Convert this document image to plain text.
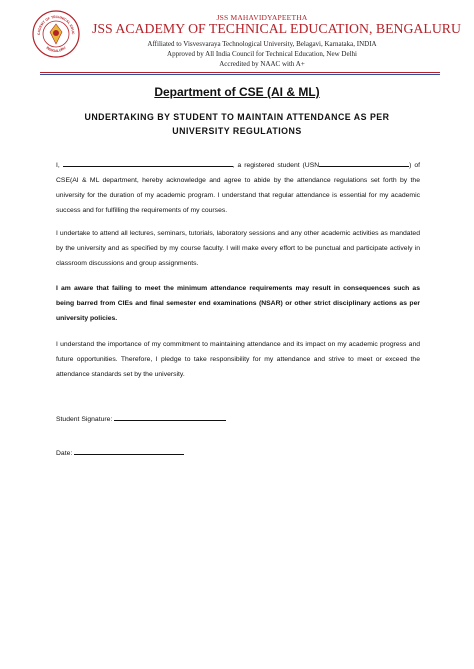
CADEMY OF TECHNICAL EDUC
BENGALURU
JSS MAHAVIDYAPEETHA
JSS ACADEMY OF TECHNICAL EDUCATION, BENGALURU
Affiliated to Visvesvaraya Technological University, Belagavi, Karnataka, INDIA
Approved by All India Council for Technical Education, New Delhi
Accredited by NAAC with A+
Department of CSE (AI & ML)
UNDERTAKING BY STUDENT TO MAINTAIN ATTENDANCE AS PER UNIVERSITY REGULATIONS
I,	, a registered student (USN	) of CSE(AI & ML department, hereby acknowledge and agree to abide by the attendance regulations set forth by the university for the duration of my academic program. I understand that regular attendance is essential for my academic success and for fulfilling the requirements of my courses.
I undertake to attend all lectures, seminars, tutorials, laboratory sessions and any other academic activities as mandated by the university and as specified by my course faculty. I will make every effort to be punctual and participate actively in classroom discussions and group assignments.
I am aware that failing to meet the minimum attendance requirements may result in consequences such as being barred from CIEs and final semester end examinations (NSAR) or other strict disciplinary actions as per university policies.
I understand the importance of my commitment to maintaining attendance and its impact on my academic progress and future opportunities. Therefore, I pledge to take responsibility for my attendance and strive to meet or exceed the attendance standards set by the university.
Student Signature:
Date:
